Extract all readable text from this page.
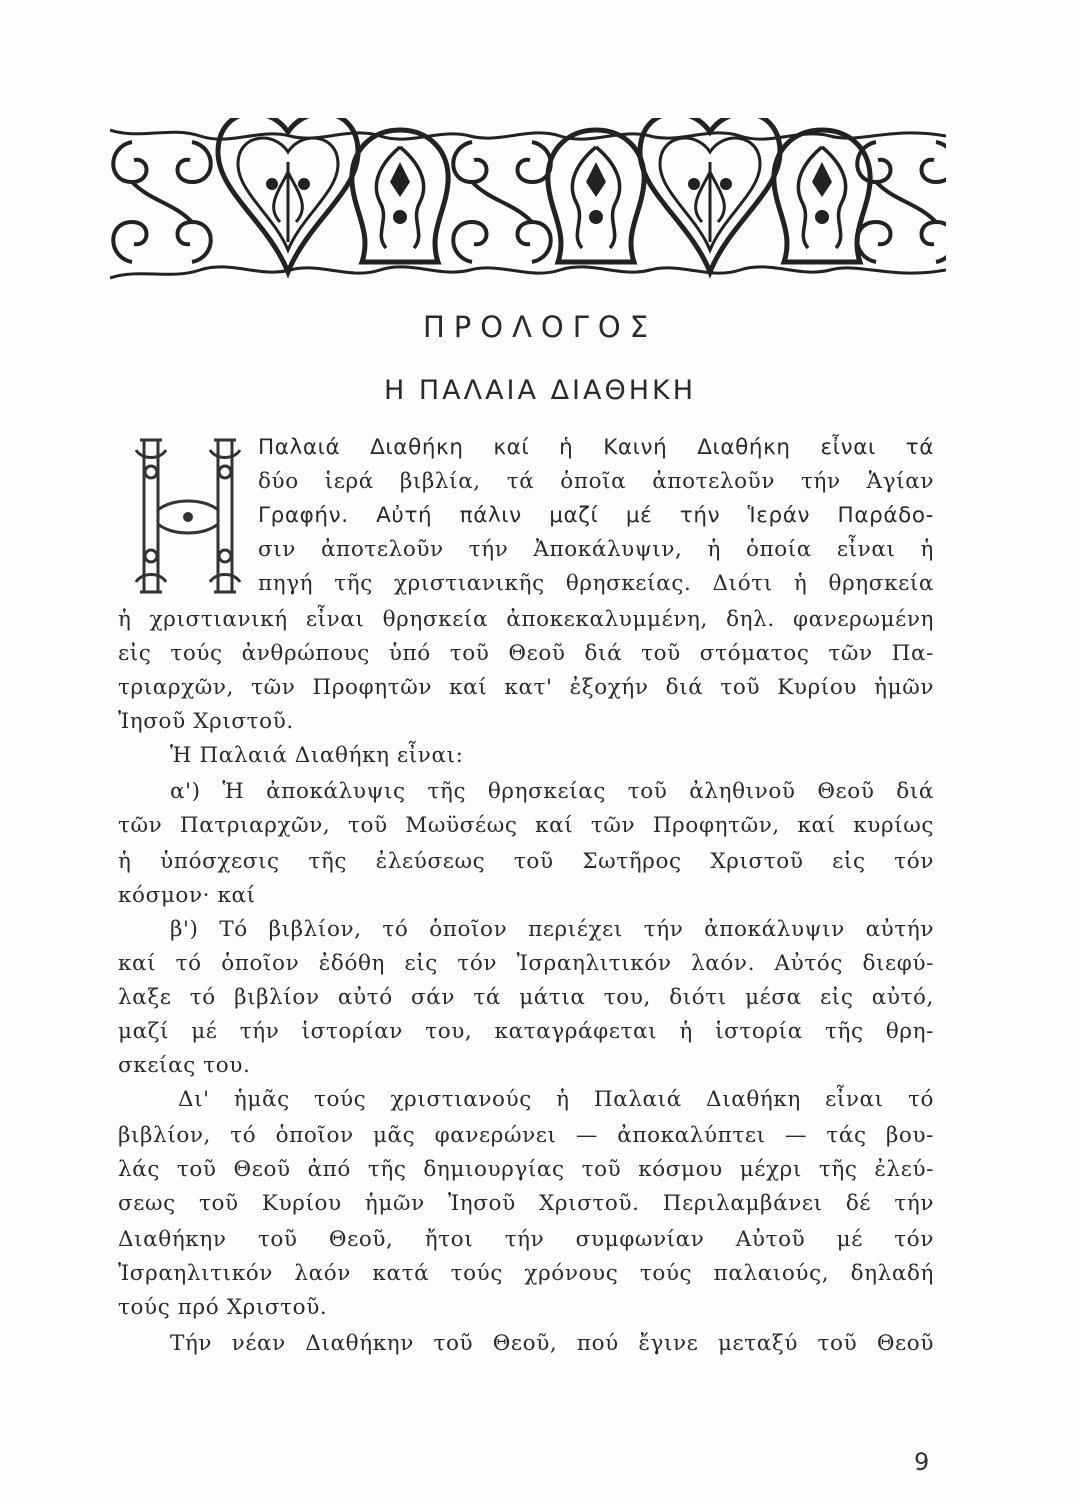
ΠΡΟΛΟΓΟΣ
Η ΠΑΛΑΙΑ ΔΙΑΘΗΚΗ
Παλαιά Διαθήκη καί ἡ Καινή Διαθήκη εἶναι τά
δύο ἱερά βιβλία, τά ὁποῖα ἀποτελοῦν τήν Ἁγίαν
Γραφήν. Αὐτή πάλιν μαζί μέ τήν Ἱεράν Παράδο-
σιν ἀποτελοῦν τήν Ἀποκάλυψιν, ἡ ὁποία εἶναι ἡ
πηγή τῆς χριστιανικῆς θρησκείας. Διότι ἡ θρησκεία
ἡ χριστιανική εἶναι θρησκεία ἀποκεκαλυμμένη, δηλ. φανερωμένη
εἰς τούς ἀνθρώπους ὑπό τοῦ Θεοῦ διά τοῦ στόματος τῶν Πα-
τριαρχῶν, τῶν Προφητῶν καί κατ' ἐξοχήν διά τοῦ Κυρίου ἡμῶν
Ἰησοῦ Χριστοῦ.
Ἡ Παλαιά Διαθήκη εἶναι:
α') Ἡ ἀποκάλυψις τῆς θρησκείας τοῦ ἀληθινοῦ Θεοῦ διά
τῶν Πατριαρχῶν, τοῦ Μωϋσέως καί τῶν Προφητῶν, καί κυρίως
ἡ ὑπόσχεσις τῆς ἐλεύσεως τοῦ Σωτῆρος Χριστοῦ εἰς τόν
κόσμον· καί
β') Τό βιβλίον, τό ὁποῖον περιέχει τήν ἀποκάλυψιν αὐτήν
καί τό ὁποῖον ἐδόθη εἰς τόν Ἰσραηλιτικόν λαόν. Αὐτός διεφύ-
λαξε τό βιβλίον αὐτό σάν τά μάτια του, διότι μέσα εἰς αὐτό,
μαζί μέ τήν ἱστορίαν του, καταγράφεται ἡ ἱστορία τῆς θρη-
σκείας του.
Δι' ἡμᾶς τούς χριστιανούς ἡ Παλαιά Διαθήκη εἶναι τό
βιβλίον, τό ὁποῖον μᾶς φανερώνει — ἀποκαλύπτει — τάς βου-
λάς τοῦ Θεοῦ ἀπό τῆς δημιουργίας τοῦ κόσμου μέχρι τῆς ἐλεύ-
σεως τοῦ Κυρίου ἡμῶν Ἰησοῦ Χριστοῦ. Περιλαμβάνει δέ τήν
Διαθήκην τοῦ Θεοῦ, ἤτοι τήν συμφωνίαν Αὐτοῦ μέ τόν
Ἰσραηλιτικόν λαόν κατά τούς χρόνους τούς παλαιούς, δηλαδή
τούς πρό Χριστοῦ.
Τήν νέαν Διαθήκην τοῦ Θεοῦ, πού ἔγινε μεταξύ τοῦ Θεοῦ
9
